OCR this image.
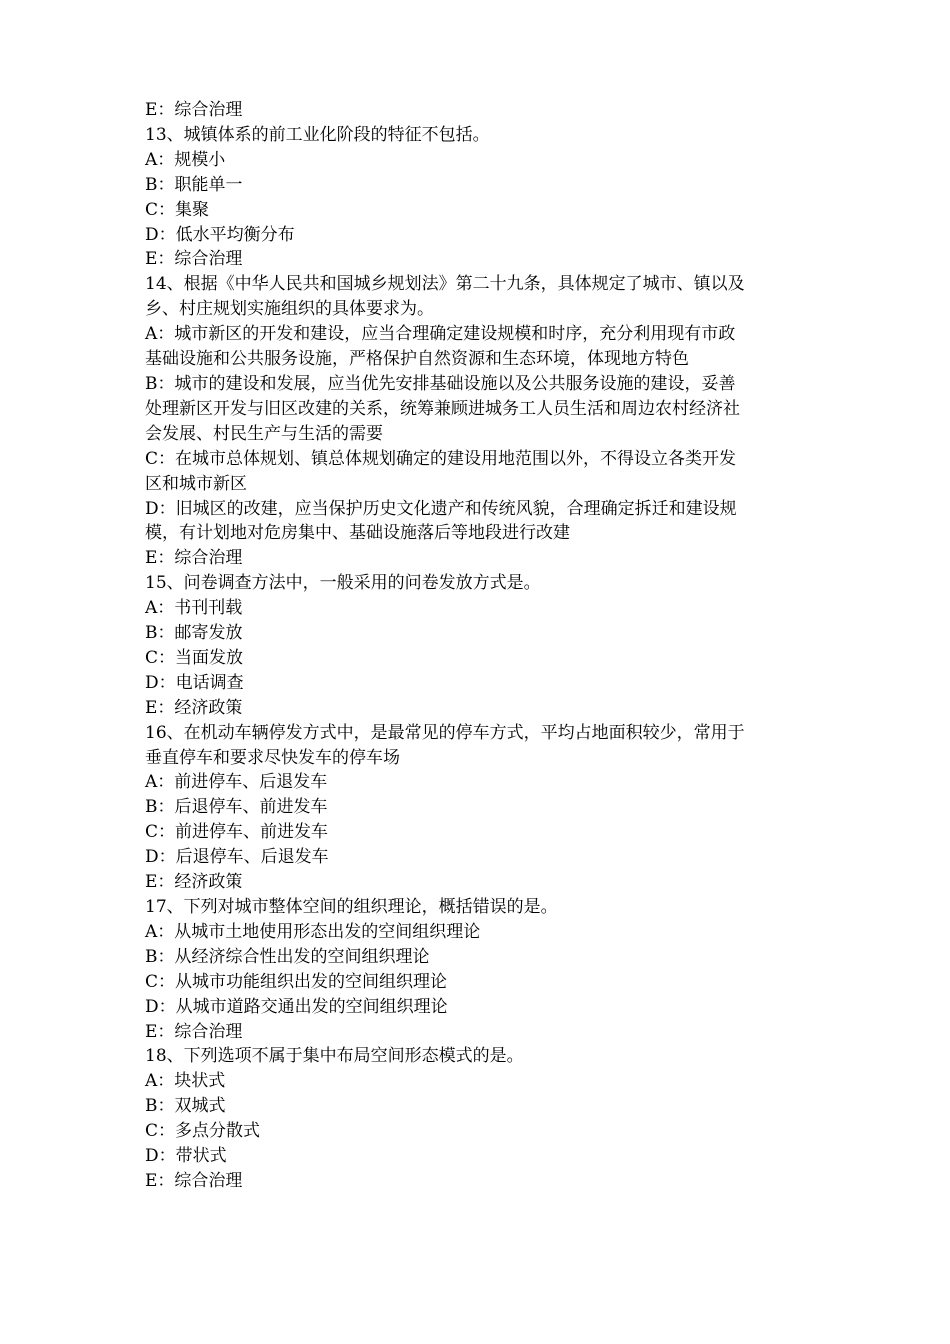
E：综合治理

13、城镇体系的前工业化阶段的特征不包括。

A：规模小

B：职能单一

C：集聚

D：低水平均衡分布

E：综合治理

14、根据《中华人民共和国城乡规划法》第二十九条，具体规定了城市、镇以及

乡、村庄规划实施组织的具体要求为。

A：城市新区的开发和建设，应当合理确定建设规模和时序，充分利用现有市政

基础设施和公共服务设施，严格保护自然资源和生态环境，体现地方特色

B：城市的建设和发展，应当优先安排基础设施以及公共服务设施的建设，妥善

处理新区开发与旧区改建的关系，统筹兼顾进城务工人员生活和周边农村经济社

会发展、村民生产与生活的需要

C：在城市总体规划、镇总体规划确定的建设用地范围以外，不得设立各类开发

区和城市新区

D：旧城区的改建，应当保护历史文化遗产和传统风貌，合理确定拆迁和建设规

模，有计划地对危房集中、基础设施落后等地段进行改建

E：综合治理

15、问卷调查方法中，一般采用的问卷发放方式是。

A：书刊刊载

B：邮寄发放

C：当面发放

D：电话调查

E：经济政策

16、在机动车辆停发方式中，是最常见的停车方式，平均占地面积较少，常用于

垂直停车和要求尽快发车的停车场

A：前进停车、后退发车

B：后退停车、前进发车

C：前进停车、前进发车

D：后退停车、后退发车

E：经济政策

17、下列对城市整体空间的组织理论，概括错误的是。

A：从城市土地使用形态出发的空间组织理论

B：从经济综合性出发的空间组织理论

C：从城市功能组织出发的空间组织理论

D：从城市道路交通出发的空间组织理论

E：综合治理

18、下列选项不属于集中布局空间形态模式的是。

A：块状式

B：双城式

C：多点分散式

D：带状式

E：综合治理
